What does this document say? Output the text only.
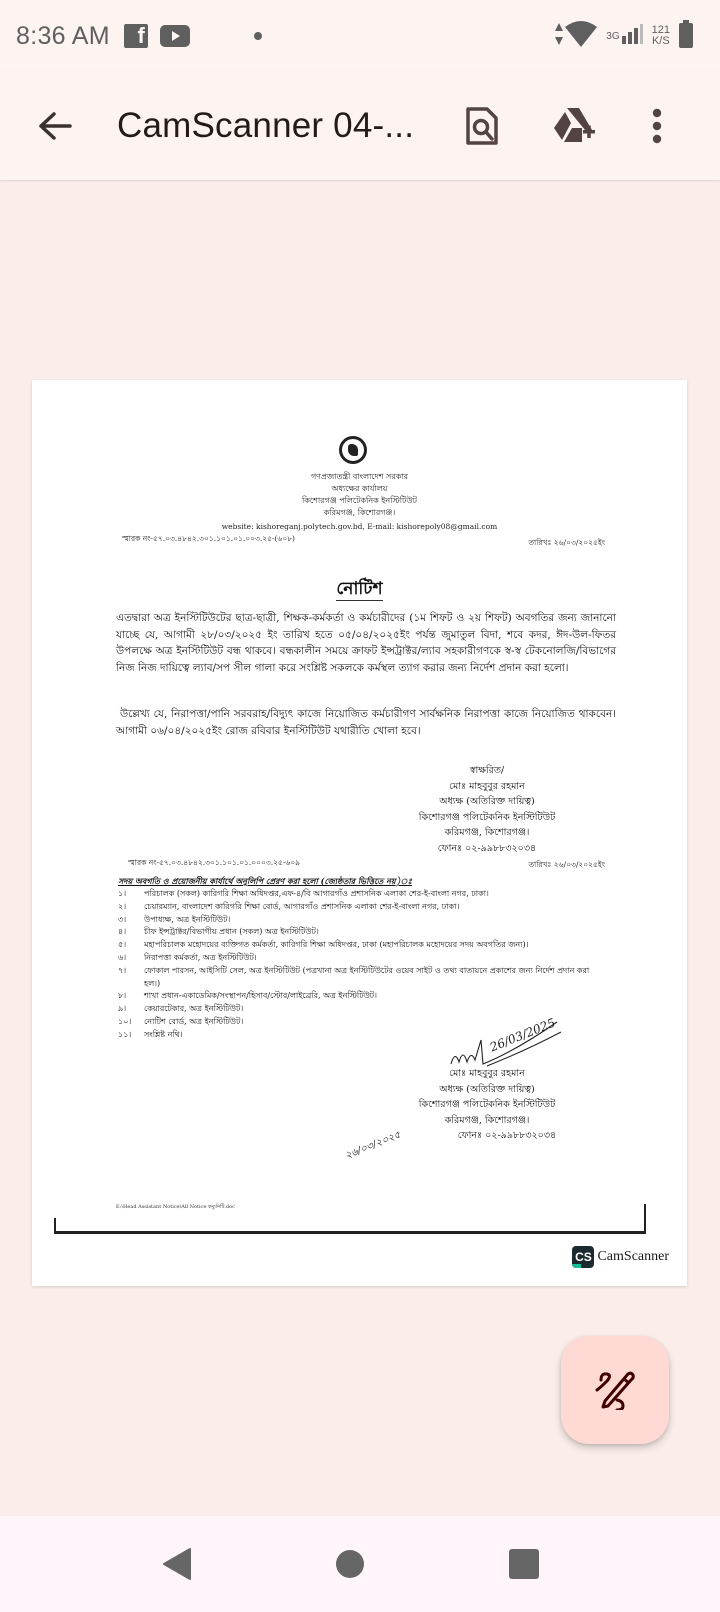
8:36 AM	f	3G	121
K/S
CamScanner 04-...
গণপ্রজাতন্ত্রী বাংলাদেশ সরকার
অধ্যক্ষের কার্যালয়
কিশোরগঞ্জ পলিটেকনিক ইনস্টিটিউট
করিমগঞ্জ, কিশোরগঞ্জ।
website: kishoreganj.polytech.gov.bd, E-mail: kishorepoly08@gmail.com
স্মারক নং-৫৭.০৩.৪৮৪২.৩০১.১০১.০১.০০৩.২৫-(৬০৮)	তারিখঃ ২৬/০৩/২০২৫ইং
নোটিশ
এতদ্বারা অত্র ইনস্টিটিউটের ছাত্র-ছাত্রী, শিক্ষক-কর্মকর্তা ও কর্মচারীদের (১ম শিফট ও ২য় শিফট) অবগতির জন্য জানানো যাচ্ছে যে, আগামী ২৮/০৩/২০২৫ ইং তারিখ হতে ০৫/০৪/২০২৫ইং পর্যন্ত জুমাতুল বিদা, শবে কদর, ঈদ-উল-ফিতর উপলক্ষে অত্র ইনস্টিটিউট বন্ধ থাকবে। বন্ধকালীন সময়ে ক্রাফট ইন্সট্রাক্টর/ল্যাব সহকারীগণকে স্ব-স্ব টেকনোলজি/বিভাগের নিজ নিজ দায়িত্বে ল্যাব/সপ সীল গালা করে সংশ্লিষ্ট সকলকে কর্মস্থল ত্যাগ করার জন্য নির্দেশ প্রদান করা হলো।
উল্লেখ্য যে, নিরাপত্তা/পানি সরবরাহ/বিদ্যুৎ কাজে নিয়োজিত কর্মচারীগণ সার্বক্ষনিক নিরাপত্তা কাজে নিয়োজিত থাকবেন। আগামী ০৬/০৪/২০২৫ইং রোজ রবিবার ইনস্টিটিউট যথারীতি খোলা হবে।
স্বাক্ষরিত/
মোঃ মাহবুবুর রহমান
অধ্যক্ষ (অতিরিক্ত দায়িত্ব)
কিশোরগঞ্জ পলিটেকনিক ইনস্টিটিউট
করিমগঞ্জ, কিশোরগঞ্জ।
ফোনঃ ০২-৯৯৮৮৩২০৩৪
স্মারক নং-৫৭.০৩.৪৮৪২.৩০১.১০১.০১.০০০৩.২৫-৬০৯	তারিখঃ ২৬/০৩/২০২৫ইং
সদয় অবগতি ও প্রয়োজনীয় কার্যার্থে অনুলিপি প্রেরণ করা হলো (জ্যেষ্ঠতার ভিত্তিতে নয়)ঃ
১।	পরিচালক (সকল) কারিগরি শিক্ষা অধিদপ্তর,এফ-৪/বি আগারগাঁও প্রশাসনিক এলাকা শের-ই-বাংলা নগর, ঢাকা।
২।	চেয়ারম্যান, বাংলাদেশ কারিগরি শিক্ষা বোর্ড, আগারগাঁও প্রশাসনিক এলাকা শের-ই-বাংলা নগর, ঢাকা।
৩।	উপাধ্যক্ষ, অত্র ইনস্টিটিউট।
৪।	চীফ ইন্সট্রাক্টর/বিভাগীয় প্রধান (সকল) অত্র ইনস্টিটিউট।
৫।	মহাপরিচালক মহোদয়ের ব্যক্তিগত কর্মকর্তা, কারিগরি শিক্ষা অধিদপ্তর, ঢাকা (মহাপরিচালক মহোদয়ের সদয় অবগতির জন্য)।
৬।	নিরাপত্তা কর্মকর্তা, অত্র ইনস্টিটিউট।
৭।	ফোকাল পারসন, আইসিটি সেল, অত্র ইনস্টিটিউট (পত্রখানা অত্র ইনস্টিটিউটের ওয়েব সাইট ও তথ্য বাতায়নে প্রকাশের জন্য নির্দেশ প্রদান করা হল।)
৮।	শাখা প্রধান-একাডেমিক/সংস্থাপন/হিসাব/স্টোর/লাইব্রেরি, অত্র ইনস্টিটিউট।
৯।	কেয়ারটেকার, অত্র ইনস্টিটিউট।
১০।	নোটিশ বোর্ড, অত্র ইনস্টিটিউট।
১১।	সংশ্লিষ্ট নথি।	26/03/2025
মোঃ মাহবুবুর রহমান
অধ্যক্ষ (অতিরিক্ত দায়িত্ব)
কিশোরগঞ্জ পলিটেকনিক ইনস্টিটিউট
করিমগঞ্জ, কিশোরগঞ্জ।
ফোনঃ ০২-৯৯৮৮৩২০৩৪
২৬/০৩/২০২৫
E:\Head Assistant Notice\All Notice কম্যুনিটি.doc
CS CamScanner
